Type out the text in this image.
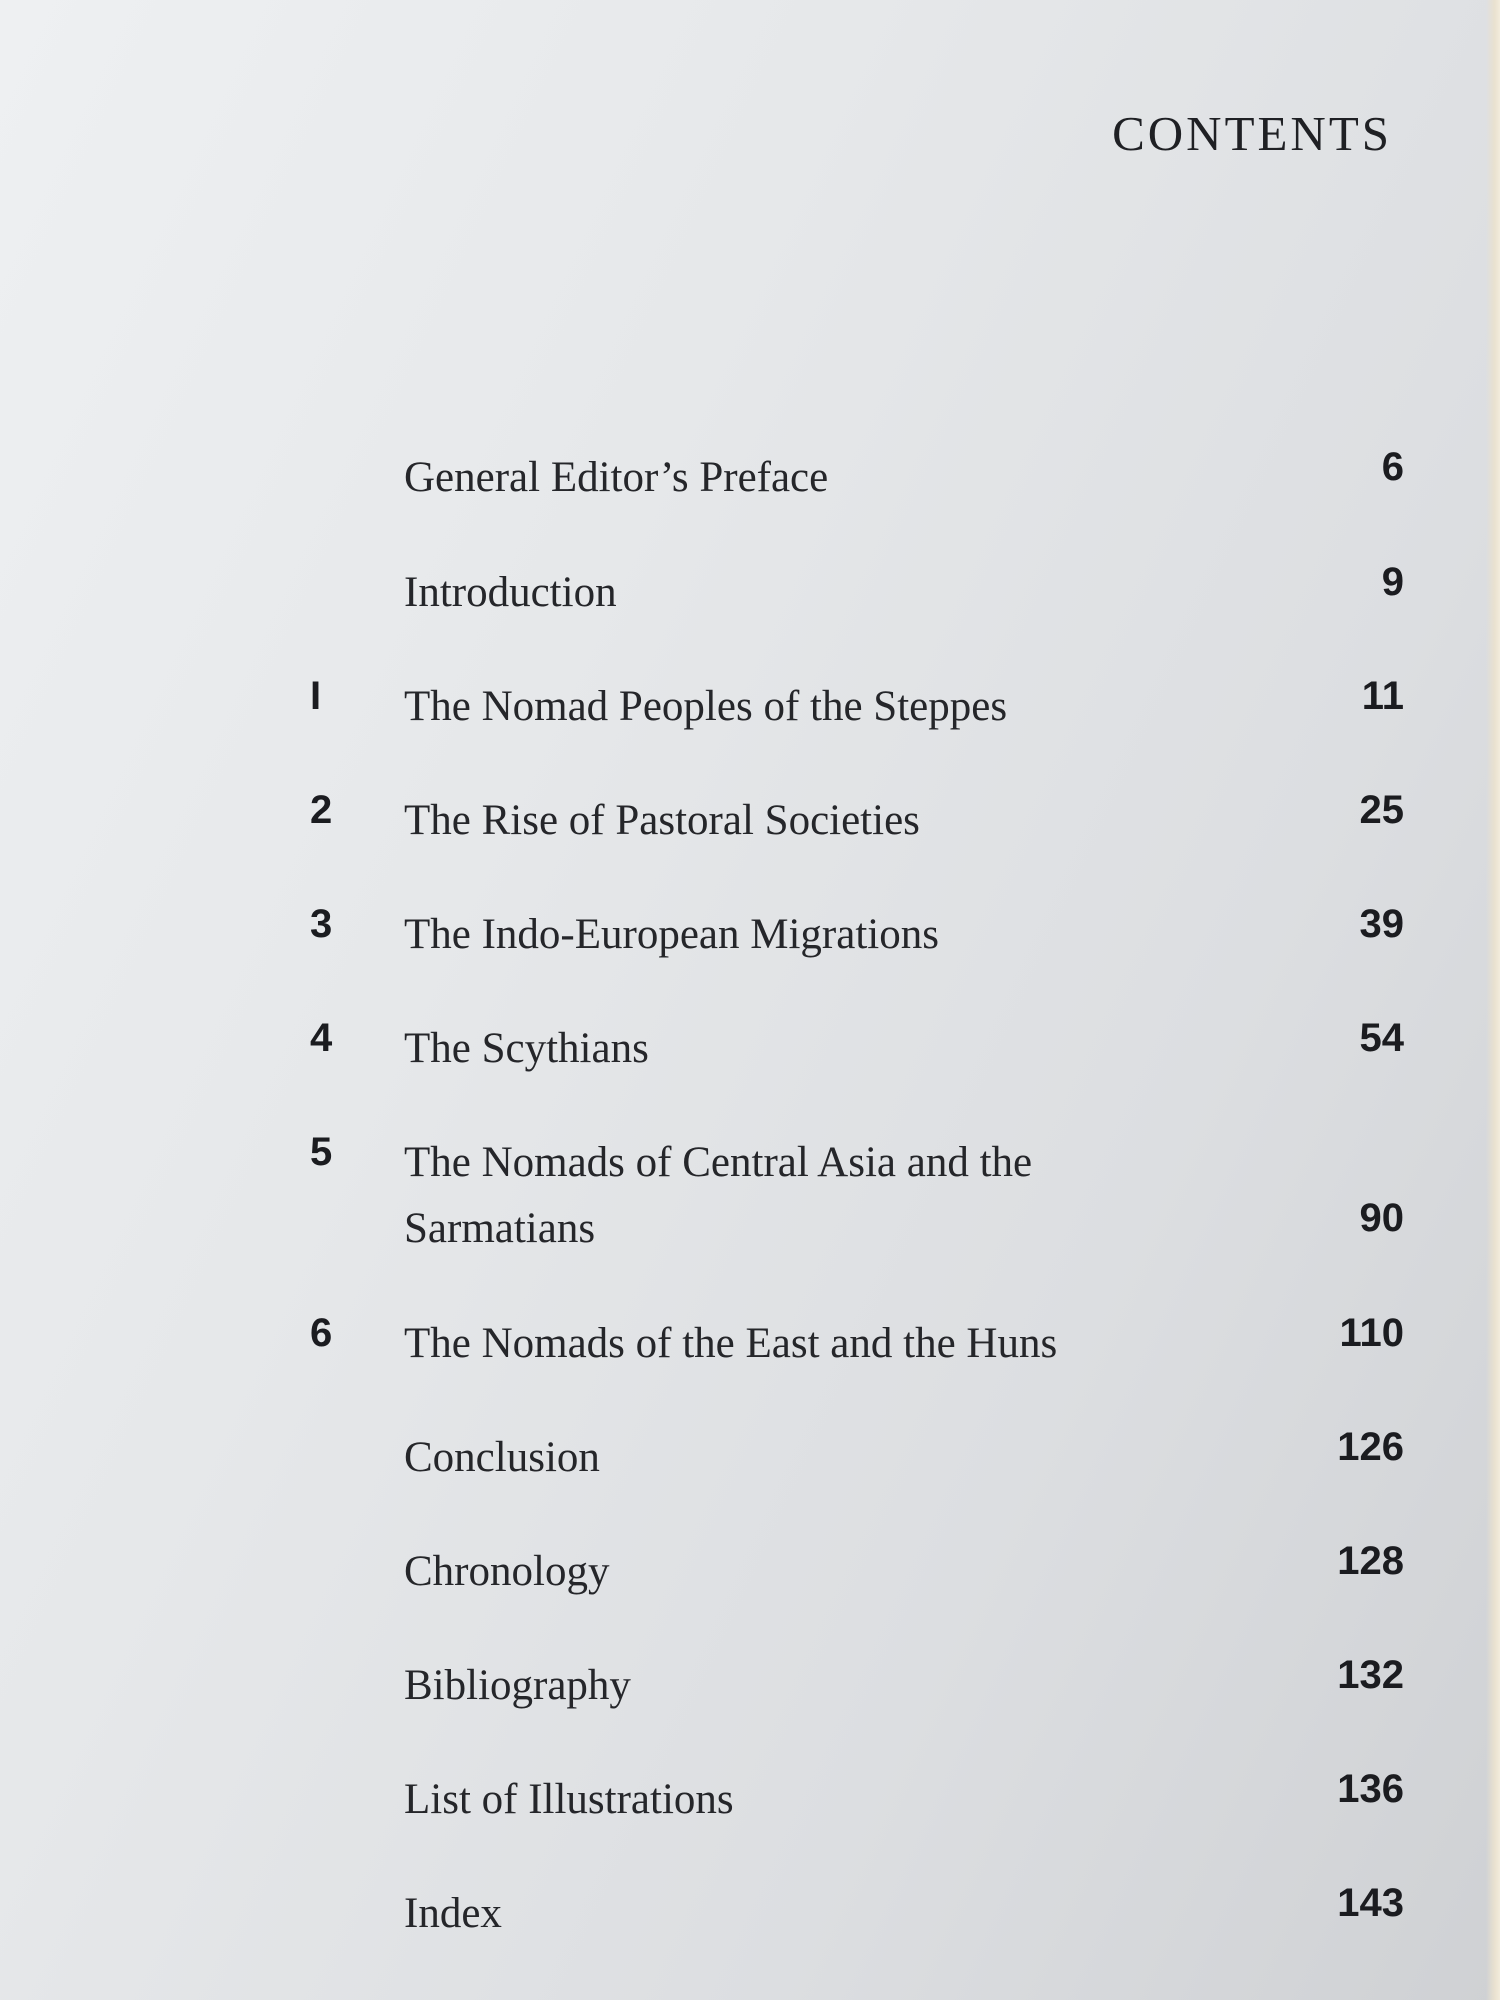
CONTENTS
General Editor’s Preface	6
Introduction	9
I The Nomad Peoples of the Steppes	11
2 The Rise of Pastoral Societies	25
3 The Indo-European Migrations	39
4 The Scythians	54
5 The Nomads of Central Asia and the
Sarmatians	90
6 The Nomads of the East and the Huns	110
Conclusion	126
Chronology	128
Bibliography	132
List of Illustrations	136
Index	143
